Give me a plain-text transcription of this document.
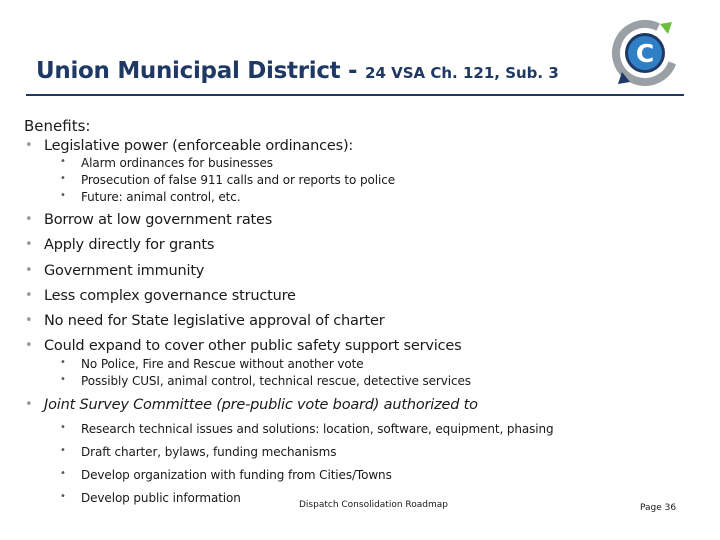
Union Municipal District - 24 VSA Ch. 121, Sub. 3
C
Benefits:
• Legislative power (enforceable ordinances):
• Alarm ordinances for businesses
• Prosecution of false 911 calls and or reports to police
• Future: animal control, etc.
• Borrow at low government rates
• Apply directly for grants
• Government immunity
• Less complex governance structure
• No need for State legislative approval of charter
• Could expand to cover other public safety support services
• No Police, Fire and Rescue without another vote
• Possibly CUSI, animal control, technical rescue, detective services
• Joint Survey Committee (pre-public vote board) authorized to
• Research technical issues and solutions: location, software, equipment, phasing
• Draft charter, bylaws, funding mechanisms
• Develop organization with funding from Cities/Towns
• Develop public information	Dispatch Consolidation Roadmap	Page 36
